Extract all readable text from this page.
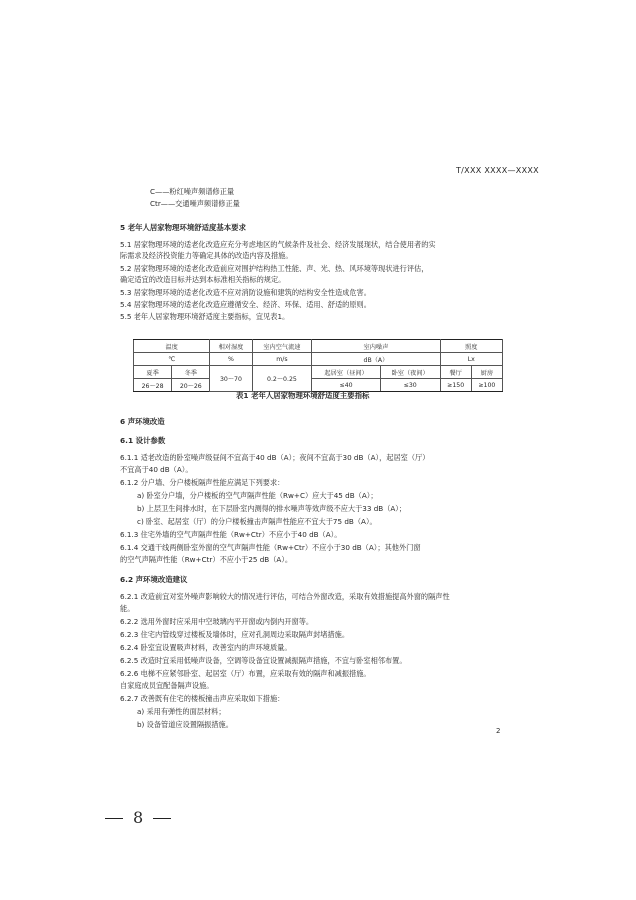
T/XXX XXXX—XXXX
C——粉红噪声频谱修正量
Ctr——交通噪声频谱修正量
5 老年人居家物理环境舒适度基本要求
5.1 居家物理环境的适老化改造应充分考虑地区的气候条件及社会、经济发展现状，结合使用者的实
际需求及经济投资能力等确定具体的改造内容及措施。
5.2 居家物理环境的适老化改造前应对围护结构热工性能、声、光、热、风环境等现状进行评估，
确定适宜的改造目标并达到本标准相关指标的规定。
5.3 居家物理环境的适老化改造不应对消防设施和建筑的结构安全性造成危害。
5.4 居家物理环境的适老化改造应遵循安全、经济、环保、适用、舒适的原则。
5.5 老年人居家物理环境舒适度主要指标，宜见表1。
温度		相对湿度	室内空气流速	室内噪声		照度	
℃		%	m/s	dB（A）		Lx	
夏季	冬季	30～70	0.2～0.25	起居室（昼间）	卧室（夜间）	餐厅	厨房
26～28	20～26			≤40	≤30	≥150	≥100
表1 老年人居家物理环境舒适度主要指标
6 声环境改造
6.1 设计参数
6.1.1 适老改造的卧室噪声级昼间不宜高于40 dB（A）；夜间不宜高于30 dB（A），起居室（厅）
不宜高于40 dB（A）。
6.1.2 分户墙、分户楼板隔声性能应满足下列要求：
a) 卧室分户墙，分户楼板的空气声隔声性能（Rw+C）应大于45 dB（A）；
b) 上层卫生间排水时，在下层卧室内测得的排水噪声等效声级不应大于33 dB（A）；
c) 卧室、起居室（厅）的分户楼板撞击声隔声性能应不宜大于75 dB（A）。
6.1.3 住宅外墙的空气声隔声性能（Rw+Ctr）不应小于40 dB（A）。
6.1.4 交通干线两侧卧室外窗的空气声隔声性能（Rw+Ctr）不应小于30 dB（A）；其他外门窗
的空气声隔声性能（Rw+Ctr）不应小于25 dB（A）。
6.2 声环境改造建议
6.2.1 改造前宜对室外噪声影响较大的情况进行评估，可结合外窗改造，采取有效措施提高外窗的隔声性
能。
6.2.2 选用外窗时应采用中空玻璃内平开窗或内倒内开窗等。
6.2.3 住宅内管线穿过楼板及墙体时，应对孔洞周边采取隔声封堵措施。
6.2.4 卧室宜设置吸声材料，改善室内的声环境质量。
6.2.5 改造时宜采用低噪声设备，空调等设备宜设置减振隔声措施，不宜与卧室相邻布置。
6.2.6 电梯不应紧邻卧室、起居室（厅）布置，应采取有效的隔声和减振措施。
自家庭成员宜配备隔声设施。
6.2.7 改善既有住宅的楼板撞击声应采取如下措施：
a) 采用有弹性的面层材料；
b) 设备管道应设置隔振措施。
2
8
